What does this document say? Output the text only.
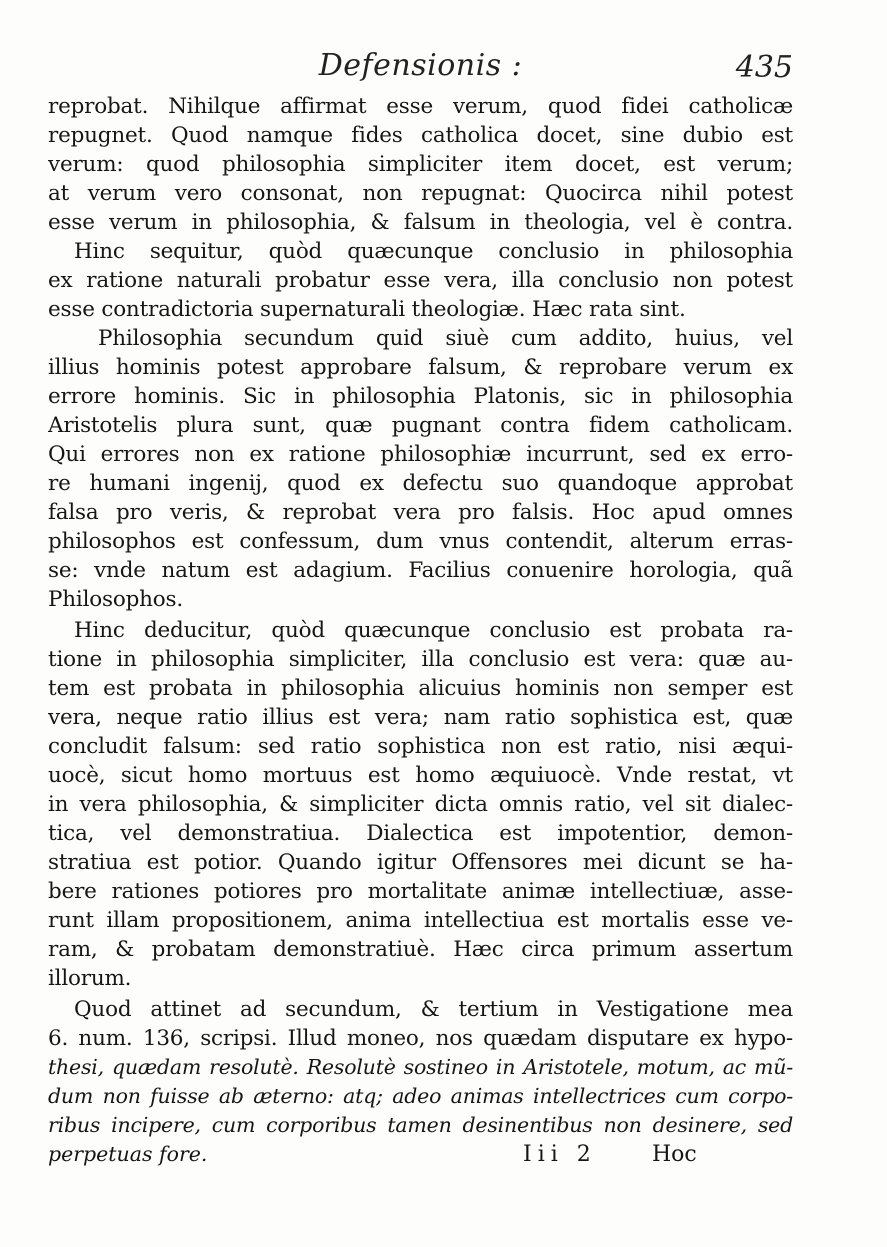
Defensionis :	435
reprobat. Nihilque affirmat esse verum, quod fidei catholicæ
repugnet. Quod namque fides catholica docet, sine dubio est
verum: quod philosophia simpliciter item docet, est verum;
at verum vero consonat, non repugnat: Quocirca nihil potest
esse verum in philosophia, & falsum in theologia, vel è contra.
Hinc sequitur, quòd quæcunque conclusio in philosophia
ex ratione naturali probatur esse vera, illa conclusio non potest
esse contradictoria supernaturali theologiæ. Hæc rata sint.
Philosophia secundum quid siuè cum addito, huius, vel
illius hominis potest approbare falsum, & reprobare verum ex
errore hominis. Sic in philosophia Platonis, sic in philosophia
Aristotelis plura sunt, quæ pugnant contra fidem catholicam.
Qui errores non ex ratione philosophiæ incurrunt, sed ex erro-
re humani ingenij, quod ex defectu suo quandoque approbat
falsa pro veris, & reprobat vera pro falsis. Hoc apud omnes
philosophos est confessum, dum vnus contendit, alterum erras-
se: vnde natum est adagium. Facilius conuenire horologia, quã
Philosophos.
Hinc deducitur, quòd quæcunque conclusio est probata ra-
tione in philosophia simpliciter, illa conclusio est vera: quæ au-
tem est probata in philosophia alicuius hominis non semper est
vera, neque ratio illius est vera; nam ratio sophistica est, quæ
concludit falsum: sed ratio sophistica non est ratio, nisi æqui-
uocè, sicut homo mortuus est homo æquiuocè. Vnde restat, vt
in vera philosophia, & simpliciter dicta omnis ratio, vel sit dialec-
tica, vel demonstratiua. Dialectica est impotentior, demon-
stratiua est potior. Quando igitur Offensores mei dicunt se ha-
bere rationes potiores pro mortalitate animæ intellectiuæ, asse-
runt illam propositionem, anima intellectiua est mortalis esse ve-
ram, & probatam demonstratiuè. Hæc circa primum assertum
illorum.
Quod attinet ad secundum, & tertium in Vestigatione mea
6. num. 136, scripsi. Illud moneo, nos quædam disputare ex hypo-
thesi, quædam resolutè. Resolutè sostineo in Aristotele, motum, ac mũ-
dum non fuisse ab æterno: atq; adeo animas intellectrices cum corpo-
ribus incipere, cum corporibus tamen desinentibus non desinere, sed
perpetuas fore.	Iii 2	Hoc
